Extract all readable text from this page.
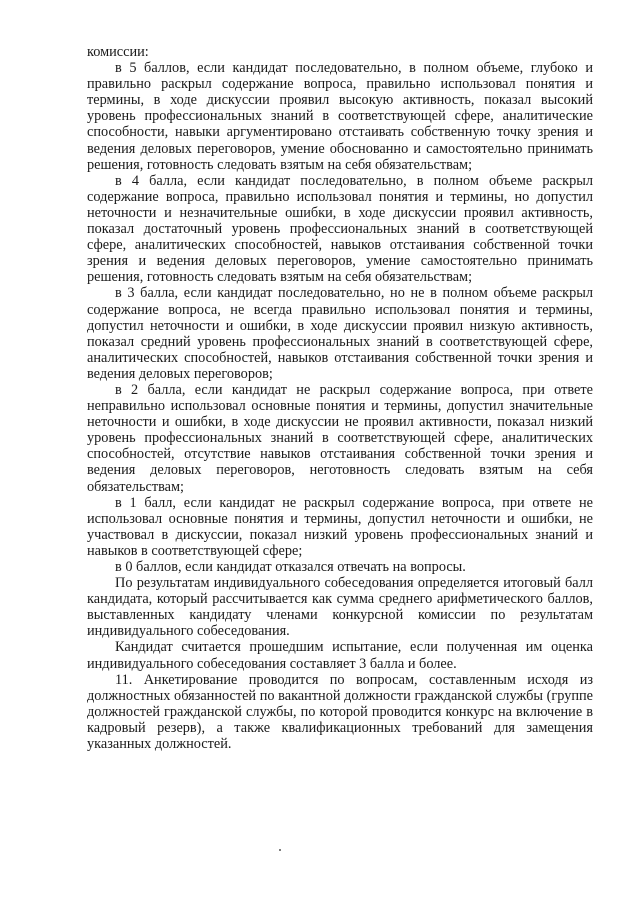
комиссии:

в 5 баллов, если кандидат последовательно, в полном объеме, глубоко и правильно раскрыл содержание вопроса, правильно использовал понятия и термины, в ходе дискуссии проявил высокую активность, показал высокий уровень профессиональных знаний в соответствующей сфере, аналитические способности, навыки аргументировано отстаивать собственную точку зрения и ведения деловых переговоров, умение обоснованно и самостоятельно принимать решения, готовность следовать взятым на себя обязательствам;

в 4 балла, если кандидат последовательно, в полном объеме раскрыл содержание вопроса, правильно использовал понятия и термины, но допустил неточности и незначительные ошибки, в ходе дискуссии проявил активность, показал достаточный уровень профессиональных знаний в соответствующей сфере, аналитических способностей, навыков отстаивания собственной точки зрения и ведения деловых переговоров, умение самостоятельно принимать решения, готовность следовать взятым на себя обязательствам;

в 3 балла, если кандидат последовательно, но не в полном объеме раскрыл содержание вопроса, не всегда правильно использовал понятия и термины, допустил неточности и ошибки, в ходе дискуссии проявил низкую активность, показал средний уровень профессиональных знаний в соответствующей сфере, аналитических способностей, навыков отстаивания собственной точки зрения и ведения деловых переговоров;

в 2 балла, если кандидат не раскрыл содержание вопроса, при ответе неправильно использовал основные понятия и термины, допустил значительные неточности и ошибки, в ходе дискуссии не проявил активности, показал низкий уровень профессиональных знаний в соответствующей сфере, аналитических способностей, отсутствие навыков отстаивания собственной точки зрения и ведения деловых переговоров, неготовность следовать взятым на себя обязательствам;

в 1 балл, если кандидат не раскрыл содержание вопроса, при ответе не использовал основные понятия и термины, допустил неточности и ошибки, не участвовал в дискуссии, показал низкий уровень профессиональных знаний и навыков в соответствующей сфере;

в 0 баллов, если кандидат отказался отвечать на вопросы.

По результатам индивидуального собеседования определяется итоговый балл кандидата, который рассчитывается как сумма среднего арифметического баллов, выставленных кандидату членами конкурсной комиссии по результатам индивидуального собеседования.

Кандидат считается прошедшим испытание, если полученная им оценка индивидуального собеседования составляет 3 балла и более.

11. Анкетирование проводится по вопросам, составленным исходя из должностных обязанностей по вакантной должности гражданской службы (группе должностей гражданской службы, по которой проводится конкурс на включение в кадровый резерв), а также квалификационных требований для замещения указанных должностей.
